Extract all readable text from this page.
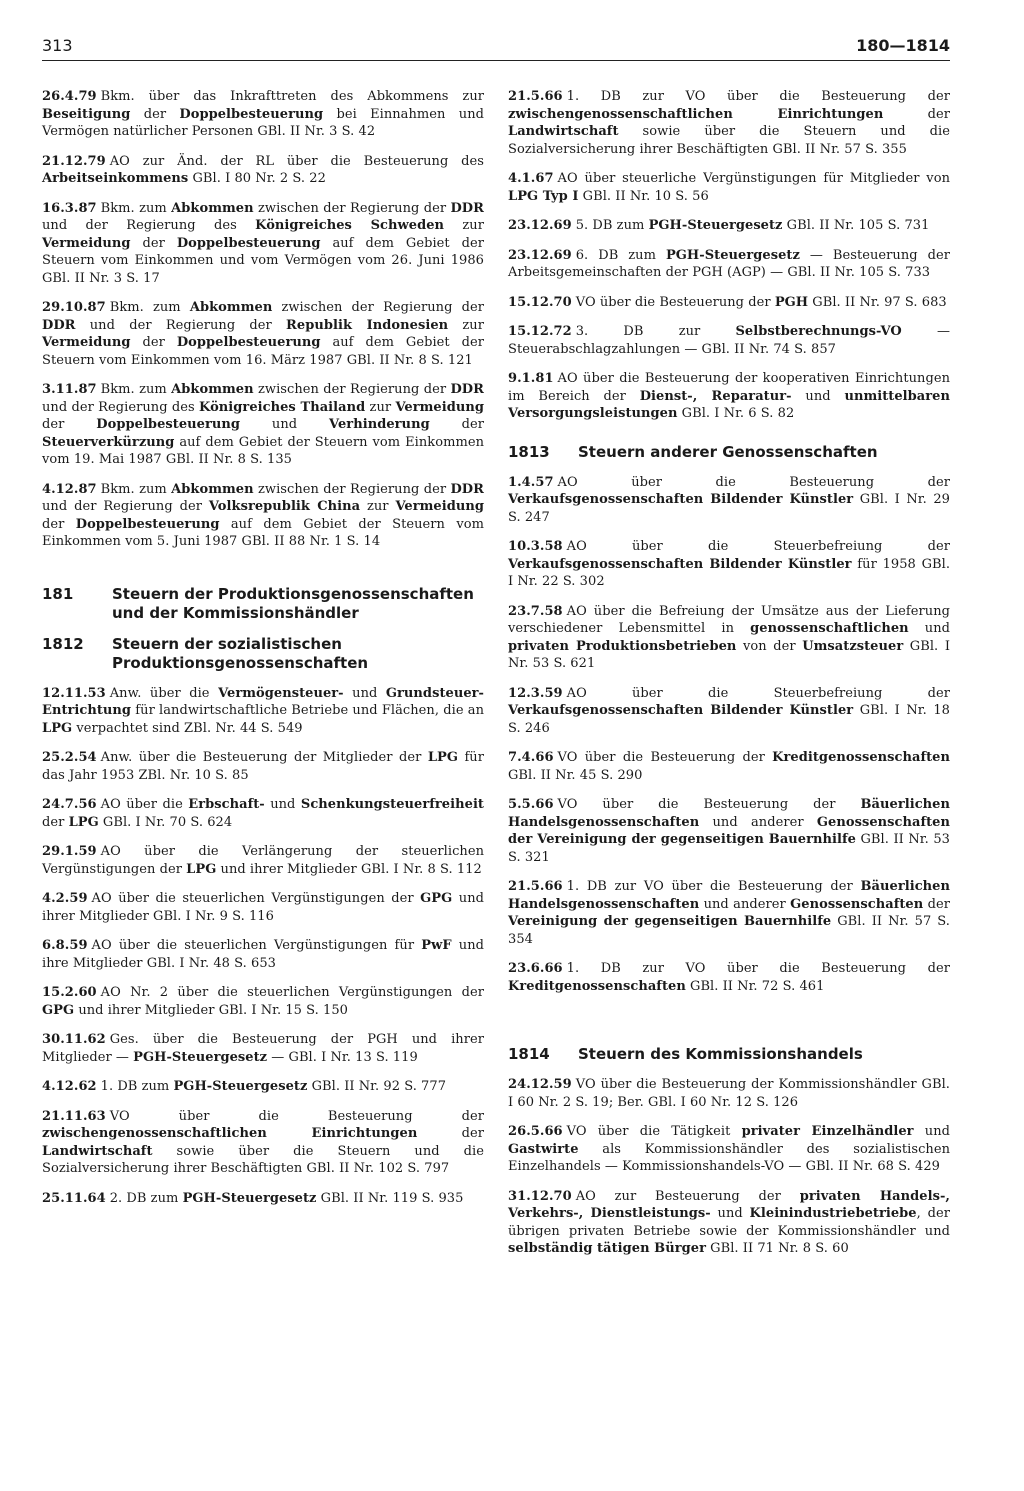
313	180—1814

26.4.79 Bkm. über das Inkrafttreten des Abkommens zur Beseitigung der Doppelbesteuerung bei Einnahmen und Vermögen natürlicher Personen GBl. II Nr. 3 S. 42

21.12.79 AO zur Änd. der RL über die Besteuerung des Arbeitseinkommens GBl. I 80 Nr. 2 S. 22

16.3.87 Bkm. zum Abkommen zwischen der Regierung der DDR und der Regierung des Königreiches Schweden zur Vermeidung der Doppelbesteuerung auf dem Gebiet der Steuern vom Einkommen und vom Vermögen vom 26. Juni 1986 GBl. II Nr. 3 S. 17

29.10.87 Bkm. zum Abkommen zwischen der Regierung der DDR und der Regierung der Republik Indonesien zur Vermeidung der Doppelbesteuerung auf dem Gebiet der Steuern vom Einkommen vom 16. März 1987 GBl. II Nr. 8 S. 121

3.11.87 Bkm. zum Abkommen zwischen der Regierung der DDR und der Regierung des Königreiches Thailand zur Vermeidung der Doppelbesteuerung und Verhinderung der Steuerverkürzung auf dem Gebiet der Steuern vom Einkommen vom 19. Mai 1987 GBl. II Nr. 8 S. 135

4.12.87 Bkm. zum Abkommen zwischen der Regierung der DDR und der Regierung der Volksrepublik China zur Vermeidung der Doppelbesteuerung auf dem Gebiet der Steuern vom Einkommen vom 5. Juni 1987 GBl. II 88 Nr. 1 S. 14

181	Steuern der Produktionsgenossenschaften und der Kommissionshändler
1812	Steuern der sozialistischen Produktionsgenossenschaften

12.11.53 Anw. über die Vermögensteuer- und Grundsteuer-Entrichtung für landwirtschaftliche Betriebe und Flächen, die an LPG verpachtet sind ZBl. Nr. 44 S. 549

25.2.54 Anw. über die Besteuerung der Mitglieder der LPG für das Jahr 1953 ZBl. Nr. 10 S. 85

24.7.56 AO über die Erbschaft- und Schenkungsteuerfreiheit der LPG GBl. I Nr. 70 S. 624

29.1.59 AO über die Verlängerung der steuerlichen Vergünstigungen der LPG und ihrer Mitglieder GBl. I Nr. 8 S. 112

4.2.59 AO über die steuerlichen Vergünstigungen der GPG und ihrer Mitglieder GBl. I Nr. 9 S. 116

6.8.59 AO über die steuerlichen Vergünstigungen für PwF und ihre Mitglieder GBl. I Nr. 48 S. 653

15.2.60 AO Nr. 2 über die steuerlichen Vergünstigungen der GPG und ihrer Mitglieder GBl. I Nr. 15 S. 150

30.11.62 Ges. über die Besteuerung der PGH und ihrer Mitglieder — PGH-Steuergesetz — GBl. I Nr. 13 S. 119

4.12.62 1. DB zum PGH-Steuergesetz GBl. II Nr. 92 S. 777

21.11.63 VO über die Besteuerung der zwischengenossenschaftlichen Einrichtungen der Landwirtschaft sowie über die Steuern und die Sozialversicherung ihrer Beschäftigten GBl. II Nr. 102 S. 797

25.11.64 2. DB zum PGH-Steuergesetz GBl. II Nr. 119 S. 935

21.5.66 1. DB zur VO über die Besteuerung der zwischengenossenschaftlichen Einrichtungen der Landwirtschaft sowie über die Steuern und die Sozialversicherung ihrer Beschäftigten GBl. II Nr. 57 S. 355

4.1.67 AO über steuerliche Vergünstigungen für Mitglieder von LPG Typ I GBl. II Nr. 10 S. 56

23.12.69 5. DB zum PGH-Steuergesetz GBl. II Nr. 105 S. 731

23.12.69 6. DB zum PGH-Steuergesetz — Besteuerung der Arbeitsgemeinschaften der PGH (AGP) — GBl. II Nr. 105 S. 733

15.12.70 VO über die Besteuerung der PGH GBl. II Nr. 97 S. 683

15.12.72 3. DB zur Selbstberechnungs-VO — Steuerabschlagzahlungen — GBl. II Nr. 74 S. 857

9.1.81 AO über die Besteuerung der kooperativen Einrichtungen im Bereich der Dienst-, Reparatur- und unmittelbaren Versorgungsleistungen GBl. I Nr. 6 S. 82

1813	Steuern anderer Genossenschaften

1.4.57 AO über die Besteuerung der Verkaufsgenossenschaften Bildender Künstler GBl. I Nr. 29 S. 247

10.3.58 AO über die Steuerbefreiung der Verkaufsgenossenschaften Bildender Künstler für 1958 GBl. I Nr. 22 S. 302

23.7.58 AO über die Befreiung der Umsätze aus der Lieferung verschiedener Lebensmittel in genossenschaftlichen und privaten Produktionsbetrieben von der Umsatzsteuer GBl. I Nr. 53 S. 621

12.3.59 AO über die Steuerbefreiung der Verkaufsgenossenschaften Bildender Künstler GBl. I Nr. 18 S. 246

7.4.66 VO über die Besteuerung der Kreditgenossenschaften GBl. II Nr. 45 S. 290

5.5.66 VO über die Besteuerung der Bäuerlichen Handelsgenossenschaften und anderer Genossenschaften der Vereinigung der gegenseitigen Bauernhilfe GBl. II Nr. 53 S. 321

21.5.66 1. DB zur VO über die Besteuerung der Bäuerlichen Handelsgenossenschaften und anderer Genossenschaften der Vereinigung der gegenseitigen Bauernhilfe GBl. II Nr. 57 S. 354

23.6.66 1. DB zur VO über die Besteuerung der Kreditgenossenschaften GBl. II Nr. 72 S. 461

1814	Steuern des Kommissionshandels

24.12.59 VO über die Besteuerung der Kommissionshändler GBl. I 60 Nr. 2 S. 19; Ber. GBl. I 60 Nr. 12 S. 126

26.5.66 VO über die Tätigkeit privater Einzelhändler und Gastwirte als Kommissionshändler des sozialistischen Einzelhandels — Kommissionshandels-VO — GBl. II Nr. 68 S. 429

31.12.70 AO zur Besteuerung der privaten Handels-, Verkehrs-, Dienstleistungs- und Kleinindustriebetriebe, der übrigen privaten Betriebe sowie der Kommissionshändler und selbständig tätigen Bürger GBl. II 71 Nr. 8 S. 60
